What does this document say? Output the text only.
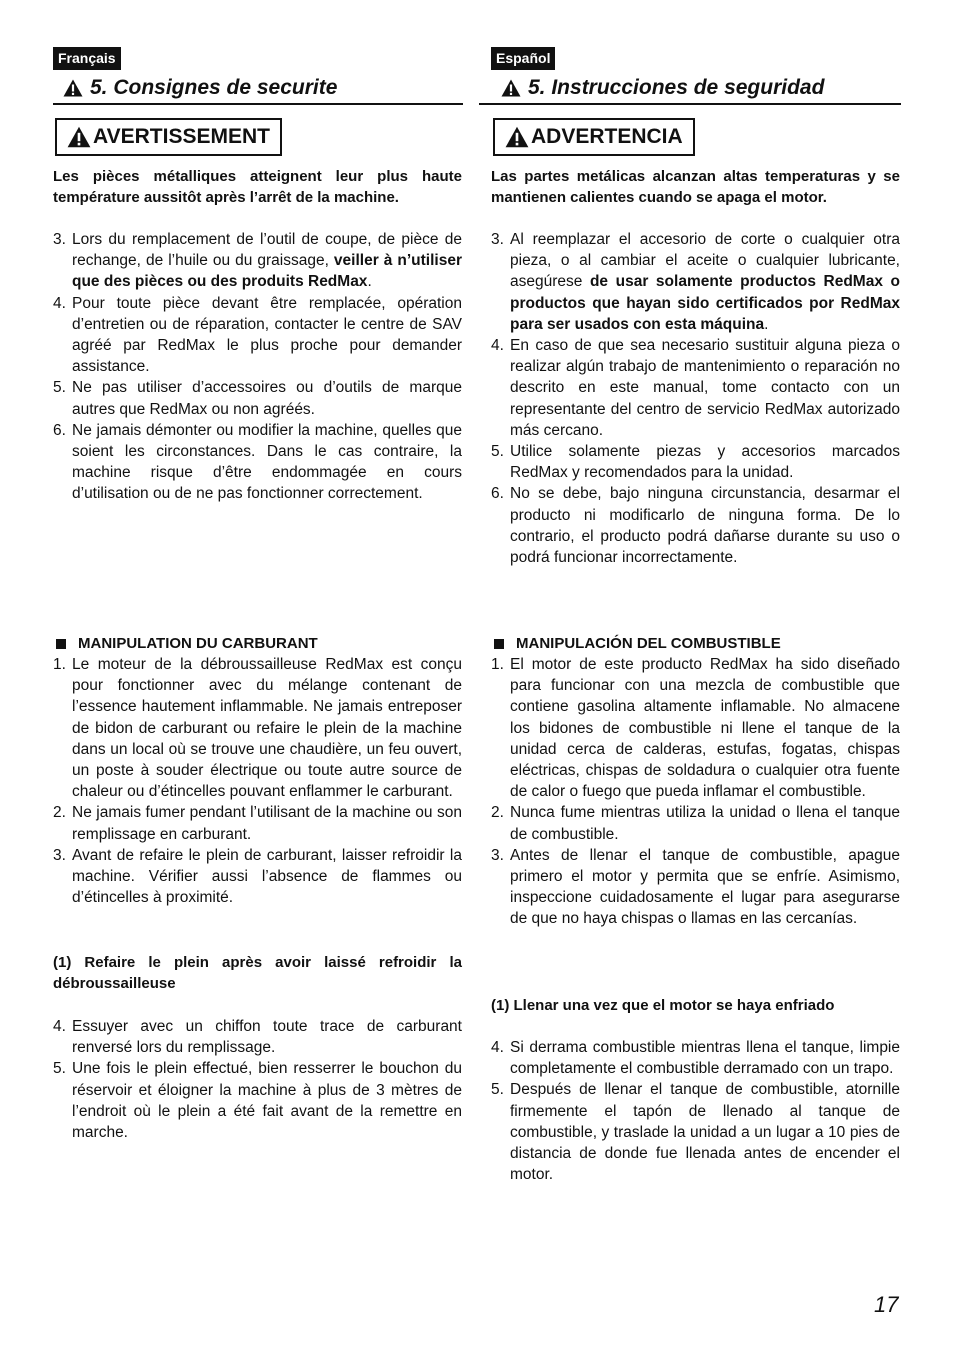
Français
5. Consignes de securite
AVERTISSEMENT
Les pièces métalliques atteignent leur plus haute température aussitôt après l’arrêt de la machine.
3. Lors du remplacement de l’outil de coupe, de pièce de rechange, de l’huile ou du graissage, veiller à n’utiliser que des pièces ou des produits RedMax.
4. Pour toute pièce devant être remplacée, opération d’entretien ou de réparation, contacter le centre de SAV agréé par RedMax le plus proche pour demander assistance.
5. Ne pas utiliser d’accessoires ou d’outils de marque autres que RedMax ou non agréés.
6. Ne jamais démonter ou modifier la machine, quelles que soient les circonstances. Dans le cas contraire, la machine risque d’être endommagée en cours d’utilisation ou de ne pas fonctionner correctement.
MANIPULATION DU CARBURANT
1. Le moteur de la débroussailleuse RedMax est conçu pour fonctionner avec du mélange contenant de l’essence hautement inflammable. Ne jamais entreposer de bidon de carburant ou refaire le plein de la machine dans un local où se trouve une chaudière, un feu ouvert, un poste à souder électrique ou toute autre source de chaleur ou d’étincelles pouvant enflammer le carburant.
2. Ne jamais fumer pendant l’utilisant de la machine ou son remplissage en carburant.
3. Avant de refaire le plein de carburant, laisser refroidir la machine. Vérifier aussi l’absence de flammes ou d’étincelles à proximité.
(1) Refaire le plein après avoir laissé refroidir la débroussailleuse
4. Essuyer avec un chiffon toute trace de carburant renversé lors du remplissage.
5. Une fois le plein effectué, bien resserrer le bouchon du réservoir et éloigner la machine à plus de 3 mètres de l’endroit où le plein a été fait avant de la remettre en marche.
Español
5. Instrucciones de seguridad
ADVERTENCIA
Las partes metálicas alcanzan altas temperaturas y se mantienen calientes cuando se apaga el motor.
3. Al reemplazar el accesorio de corte o cualquier otra pieza, o al cambiar el aceite o cualquier lubricante, asegúrese de usar solamente productos RedMax o productos que hayan sido certificados por RedMax para ser usados con esta máquina.
4. En caso de que sea necesario sustituir alguna pieza o realizar algún trabajo de mantenimiento o reparación no descrito en este manual, tome contacto con un representante del centro de servicio RedMax autorizado más cercano.
5. Utilice solamente piezas y accesorios marcados RedMax y recomendados para la unidad.
6. No se debe, bajo ninguna circunstancia, desarmar el producto ni modificarlo de ninguna forma. De lo contrario, el producto podrá dañarse durante su uso o podrá funcionar incorrectamente.
MANIPULACIÓN DEL COMBUSTIBLE
1. El motor de este producto RedMax ha sido diseñado para funcionar con una mezcla de combustible que contiene gasolina altamente inflamable. No almacene los bidones de combustible ni llene el tanque de la unidad cerca de calderas, estufas, fogatas, chispas eléctricas, chispas de soldadura o cualquier otra fuente de calor o fuego que pueda inflamar el combustible.
2. Nunca fume mientras utiliza la unidad o llena el tanque de combustible.
3. Antes de llenar el tanque de combustible, apague primero el motor y permita que se enfríe. Asimismo, inspeccione cuidadosamente el lugar para asegurarse de que no haya chispas o llamas en las cercanías.
(1) Llenar una vez que el motor se haya enfriado
4. Si derrama combustible mientras llena el tanque, limpie completamente el combustible derramado con un trapo.
5. Después de llenar el tanque de combustible, atornille firmemente el tapón de llenado al tanque de combustible, y traslade la unidad a un lugar a 10 pies de distancia de donde fue llenada antes de encender el motor.
17
